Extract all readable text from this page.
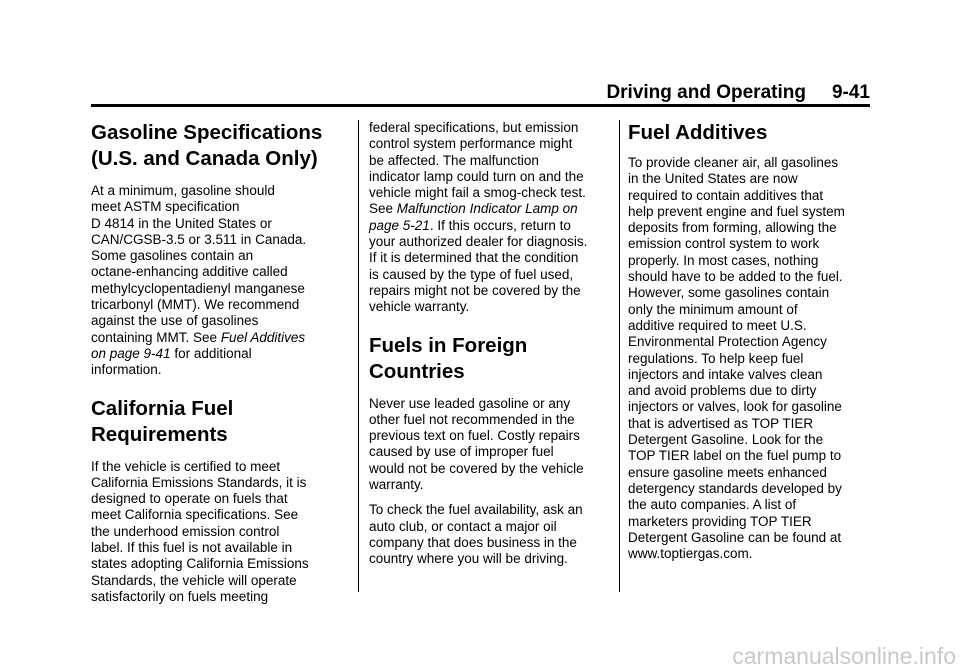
Driving and Operating 9-41
Gasoline Specifications
(U.S. and Canada Only)

At a minimum, gasoline should
meet ASTM specification
D 4814 in the United States or
CAN/CGSB-3.5 or 3.511 in Canada.
Some gasolines contain an
octane-enhancing additive called
methylcyclopentadienyl manganese
tricarbonyl (MMT). We recommend
against the use of gasolines
containing MMT. See Fuel Additives
on page 9-41 for additional
information.

California Fuel
Requirements

If the vehicle is certified to meet
California Emissions Standards, it is
designed to operate on fuels that
meet California specifications. See
the underhood emission control
label. If this fuel is not available in
states adopting California Emissions
Standards, the vehicle will operate
satisfactorily on fuels meeting

federal specifications, but emission
control system performance might
be affected. The malfunction
indicator lamp could turn on and the
vehicle might fail a smog-check test.
See Malfunction Indicator Lamp on
page 5-21. If this occurs, return to
your authorized dealer for diagnosis.
If it is determined that the condition
is caused by the type of fuel used,
repairs might not be covered by the
vehicle warranty.

Fuels in Foreign
Countries

Never use leaded gasoline or any
other fuel not recommended in the
previous text on fuel. Costly repairs
caused by use of improper fuel
would not be covered by the vehicle
warranty.

To check the fuel availability, ask an
auto club, or contact a major oil
company that does business in the
country where you will be driving.

Fuel Additives

To provide cleaner air, all gasolines
in the United States are now
required to contain additives that
help prevent engine and fuel system
deposits from forming, allowing the
emission control system to work
properly. In most cases, nothing
should have to be added to the fuel.
However, some gasolines contain
only the minimum amount of
additive required to meet U.S.
Environmental Protection Agency
regulations. To help keep fuel
injectors and intake valves clean
and avoid problems due to dirty
injectors or valves, look for gasoline
that is advertised as TOP TIER
Detergent Gasoline. Look for the
TOP TIER label on the fuel pump to
ensure gasoline meets enhanced
detergency standards developed by
the auto companies. A list of
marketers providing TOP TIER
Detergent Gasoline can be found at
www.toptiergas.com.

carmanualsonline.info
